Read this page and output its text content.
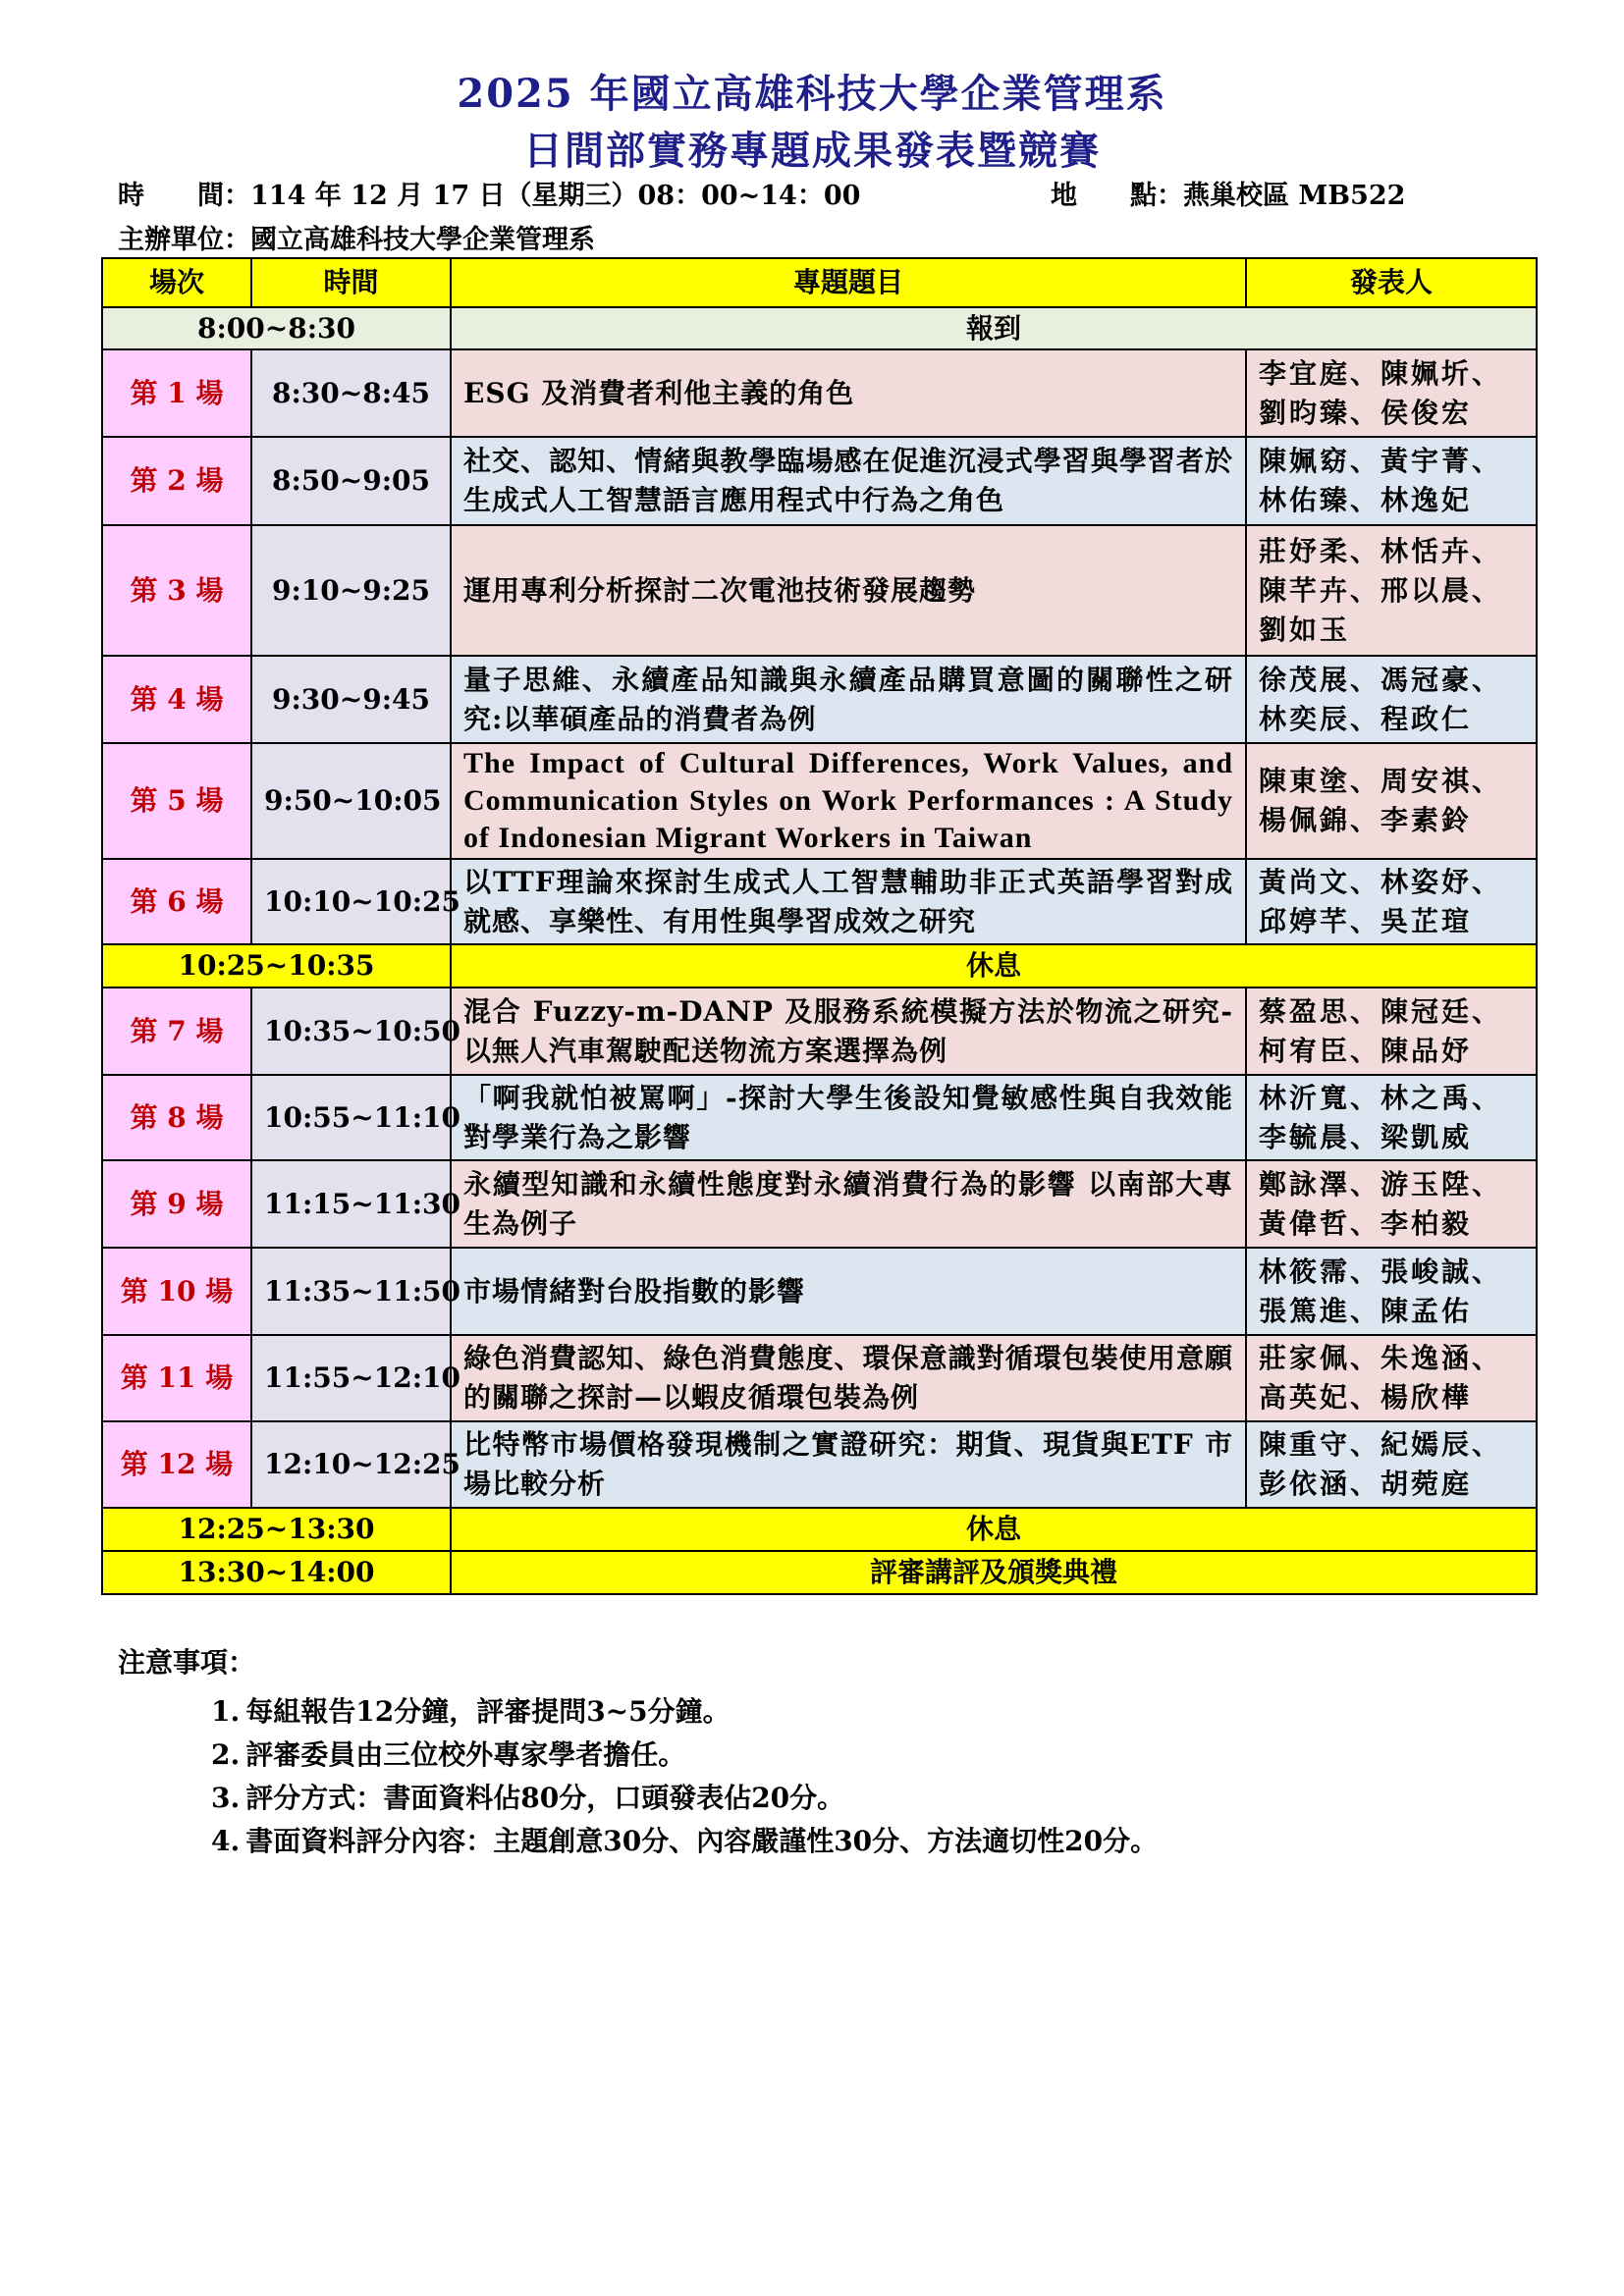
2025 年國立高雄科技大學企業管理系
日間部實務專題成果發表暨競賽
時　　間：114 年 12 月 17 日（星期三）08：00~14：00	地　　點：燕巢校區 MB522
主辦單位：國立高雄科技大學企業管理系
場次	時間	專題題目	發表人
8:00~8:30		報到	
第 1 場	8:30~8:45	ESG 及消費者利他主義的角色	李宜庭、陳姵圻、劉昀臻、侯俊宏
第 2 場	8:50~9:05	社交、認知、情緒與教學臨場感在促進沉浸式學習與學習者於生成式人工智慧語言應用程式中行為之角色	陳姵窈、黃宇菁、林佑臻、林逸妃
第 3 場	9:10~9:25	運用專利分析探討二次電池技術發展趨勢	莊妤柔、林恬卉、陳芊卉、邢以晨、劉如玉
第 4 場	9:30~9:45	量子思維、永續產品知識與永續產品購買意圖的關聯性之研究:以華碩產品的消費者為例	徐茂展、馮冠豪、林奕辰、程政仁
第 5 場	9:50~10:05	The Impact of Cultural Differences, Work Values, and Communication Styles on Work Performances : A Study of Indonesian Migrant Workers in Taiwan	陳東塗、周安祺、楊佩錦、李素鈴
第 6 場	10:10~10:25	以TTF理論來探討生成式人工智慧輔助非正式英語學習對成就感、享樂性、有用性與學習成效之研究	黃尚文、林姿妤、邱婷芊、吳芷瑄
10:25~10:35		休息	
第 7 場	10:35~10:50	混合 Fuzzy-m-DANP 及服務系統模擬方法於物流之研究-以無人汽車駕駛配送物流方案選擇為例	蔡盈思、陳冠廷、柯宥臣、陳品妤
第 8 場	10:55~11:10	「啊我就怕被罵啊」-探討大學生後設知覺敏感性與自我效能對學業行為之影響	林沂寬、林之禹、李毓晨、梁凱威
第 9 場	11:15~11:30	永續型知識和永續性態度對永續消費行為的影響 以南部大專生為例子	鄭詠澤、游玉陞、黃偉哲、李柏毅
第 10 場	11:35~11:50	市場情緒對台股指數的影響	林筱霈、張峻誠、張篤進、陳孟佑
第 11 場	11:55~12:10	綠色消費認知、綠色消費態度、環保意識對循環包裝使用意願的關聯之探討—以蝦皮循環包裝為例	莊家佩、朱逸涵、高英妃、楊欣樺
第 12 場	12:10~12:25	比特幣市場價格發現機制之實證研究：期貨、現貨與ETF 市場比較分析	陳重守、紀嫣辰、彭依涵、胡菀庭
12:25~13:30		休息	
13:30~14:00		評審講評及頒獎典禮	
注意事項：
1. 每組報告12分鐘，評審提問3~5分鐘。
2. 評審委員由三位校外專家學者擔任。
3. 評分方式：書面資料佔80分，口頭發表佔20分。
4. 書面資料評分內容：主題創意30分、內容嚴謹性30分、方法適切性20分。
